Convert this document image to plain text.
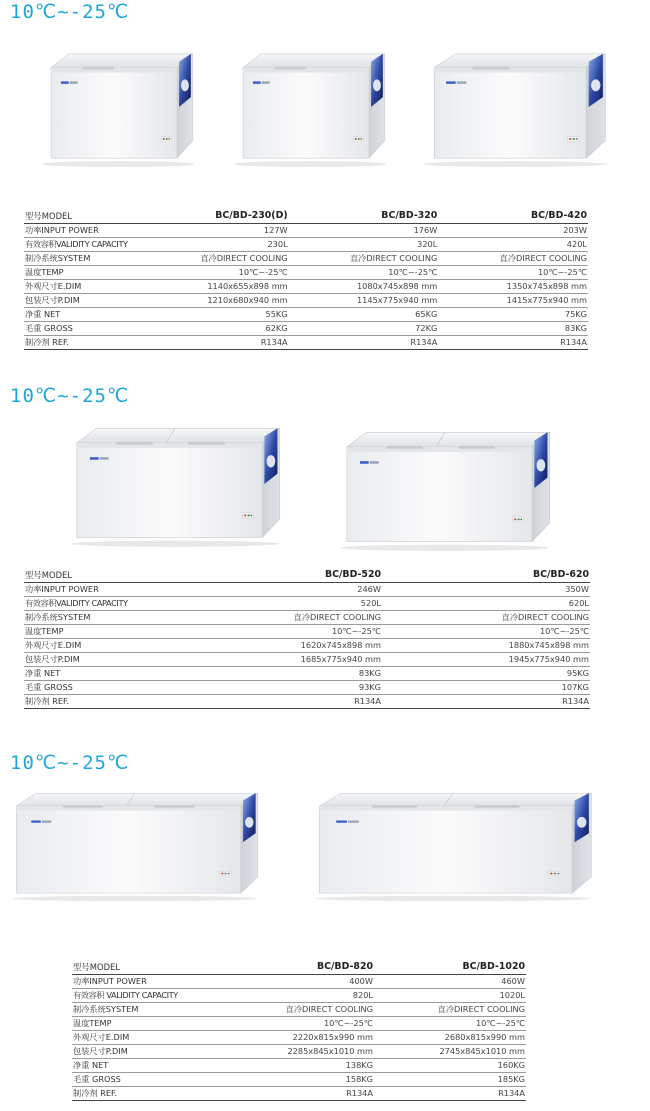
10℃~-25℃
型号MODEL	BC/BD-230(D)	BC/BD-320	BC/BD-420
功率INPUT POWER	127W	176W	203W
有效容积VALIDITY CAPACITY	230L	320L	420L
制冷系统SYSTEM	直冷DIRECT COOLING	直冷DIRECT COOLING	直冷DIRECT COOLING
温度TEMP	10℃~-25℃	10℃~-25℃	10℃~-25℃
外观尺寸E.DIM	1140x655x898 mm	1080x745x898 mm	1350x745x898 mm
包装尺寸P.DIM	1210x680x940 mm	1145x775x940 mm	1415x775x940 mm
净重 NET	55KG	65KG	75KG
毛重 GROSS	62KG	72KG	83KG
制冷剂 REF.	R134A	R134A	R134A
10℃~-25℃
型号MODEL	BC/BD-520	BC/BD-620
功率INPUT POWER	246W	350W
有效容积VALIDITY CAPACITY	520L	620L
制冷系统SYSTEM	直冷DIRECT COOLING	直冷DIRECT COOLING
温度TEMP	10℃~-25℃	10℃~-25℃
外观尺寸E.DIM	1620x745x898 mm	1880x745x898 mm
包装尺寸P.DIM	1685x775x940 mm	1945x775x940 mm
净重 NET	83KG	95KG
毛重 GROSS	93KG	107KG
制冷剂 REF.	R134A	R134A
10℃~-25℃
型号MODEL	BC/BD-820	BC/BD-1020
功率INPUT POWER	400W	460W
有效容积 VALIDITY CAPACITY	820L	1020L
制冷系统SYSTEM	直冷DIRECT COOLING	直冷DIRECT COOLING
温度TEMP	10℃~-25℃	10℃~-25℃
外观尺寸E.DIM	2220x815x990 mm	2680x815x990 mm
包装尺寸P.DIM	2285x845x1010 mm	2745x845x1010 mm
净重 NET	138KG	160KG
毛重 GROSS	158KG	185KG
制冷剂 REF.	R134A	R134A
